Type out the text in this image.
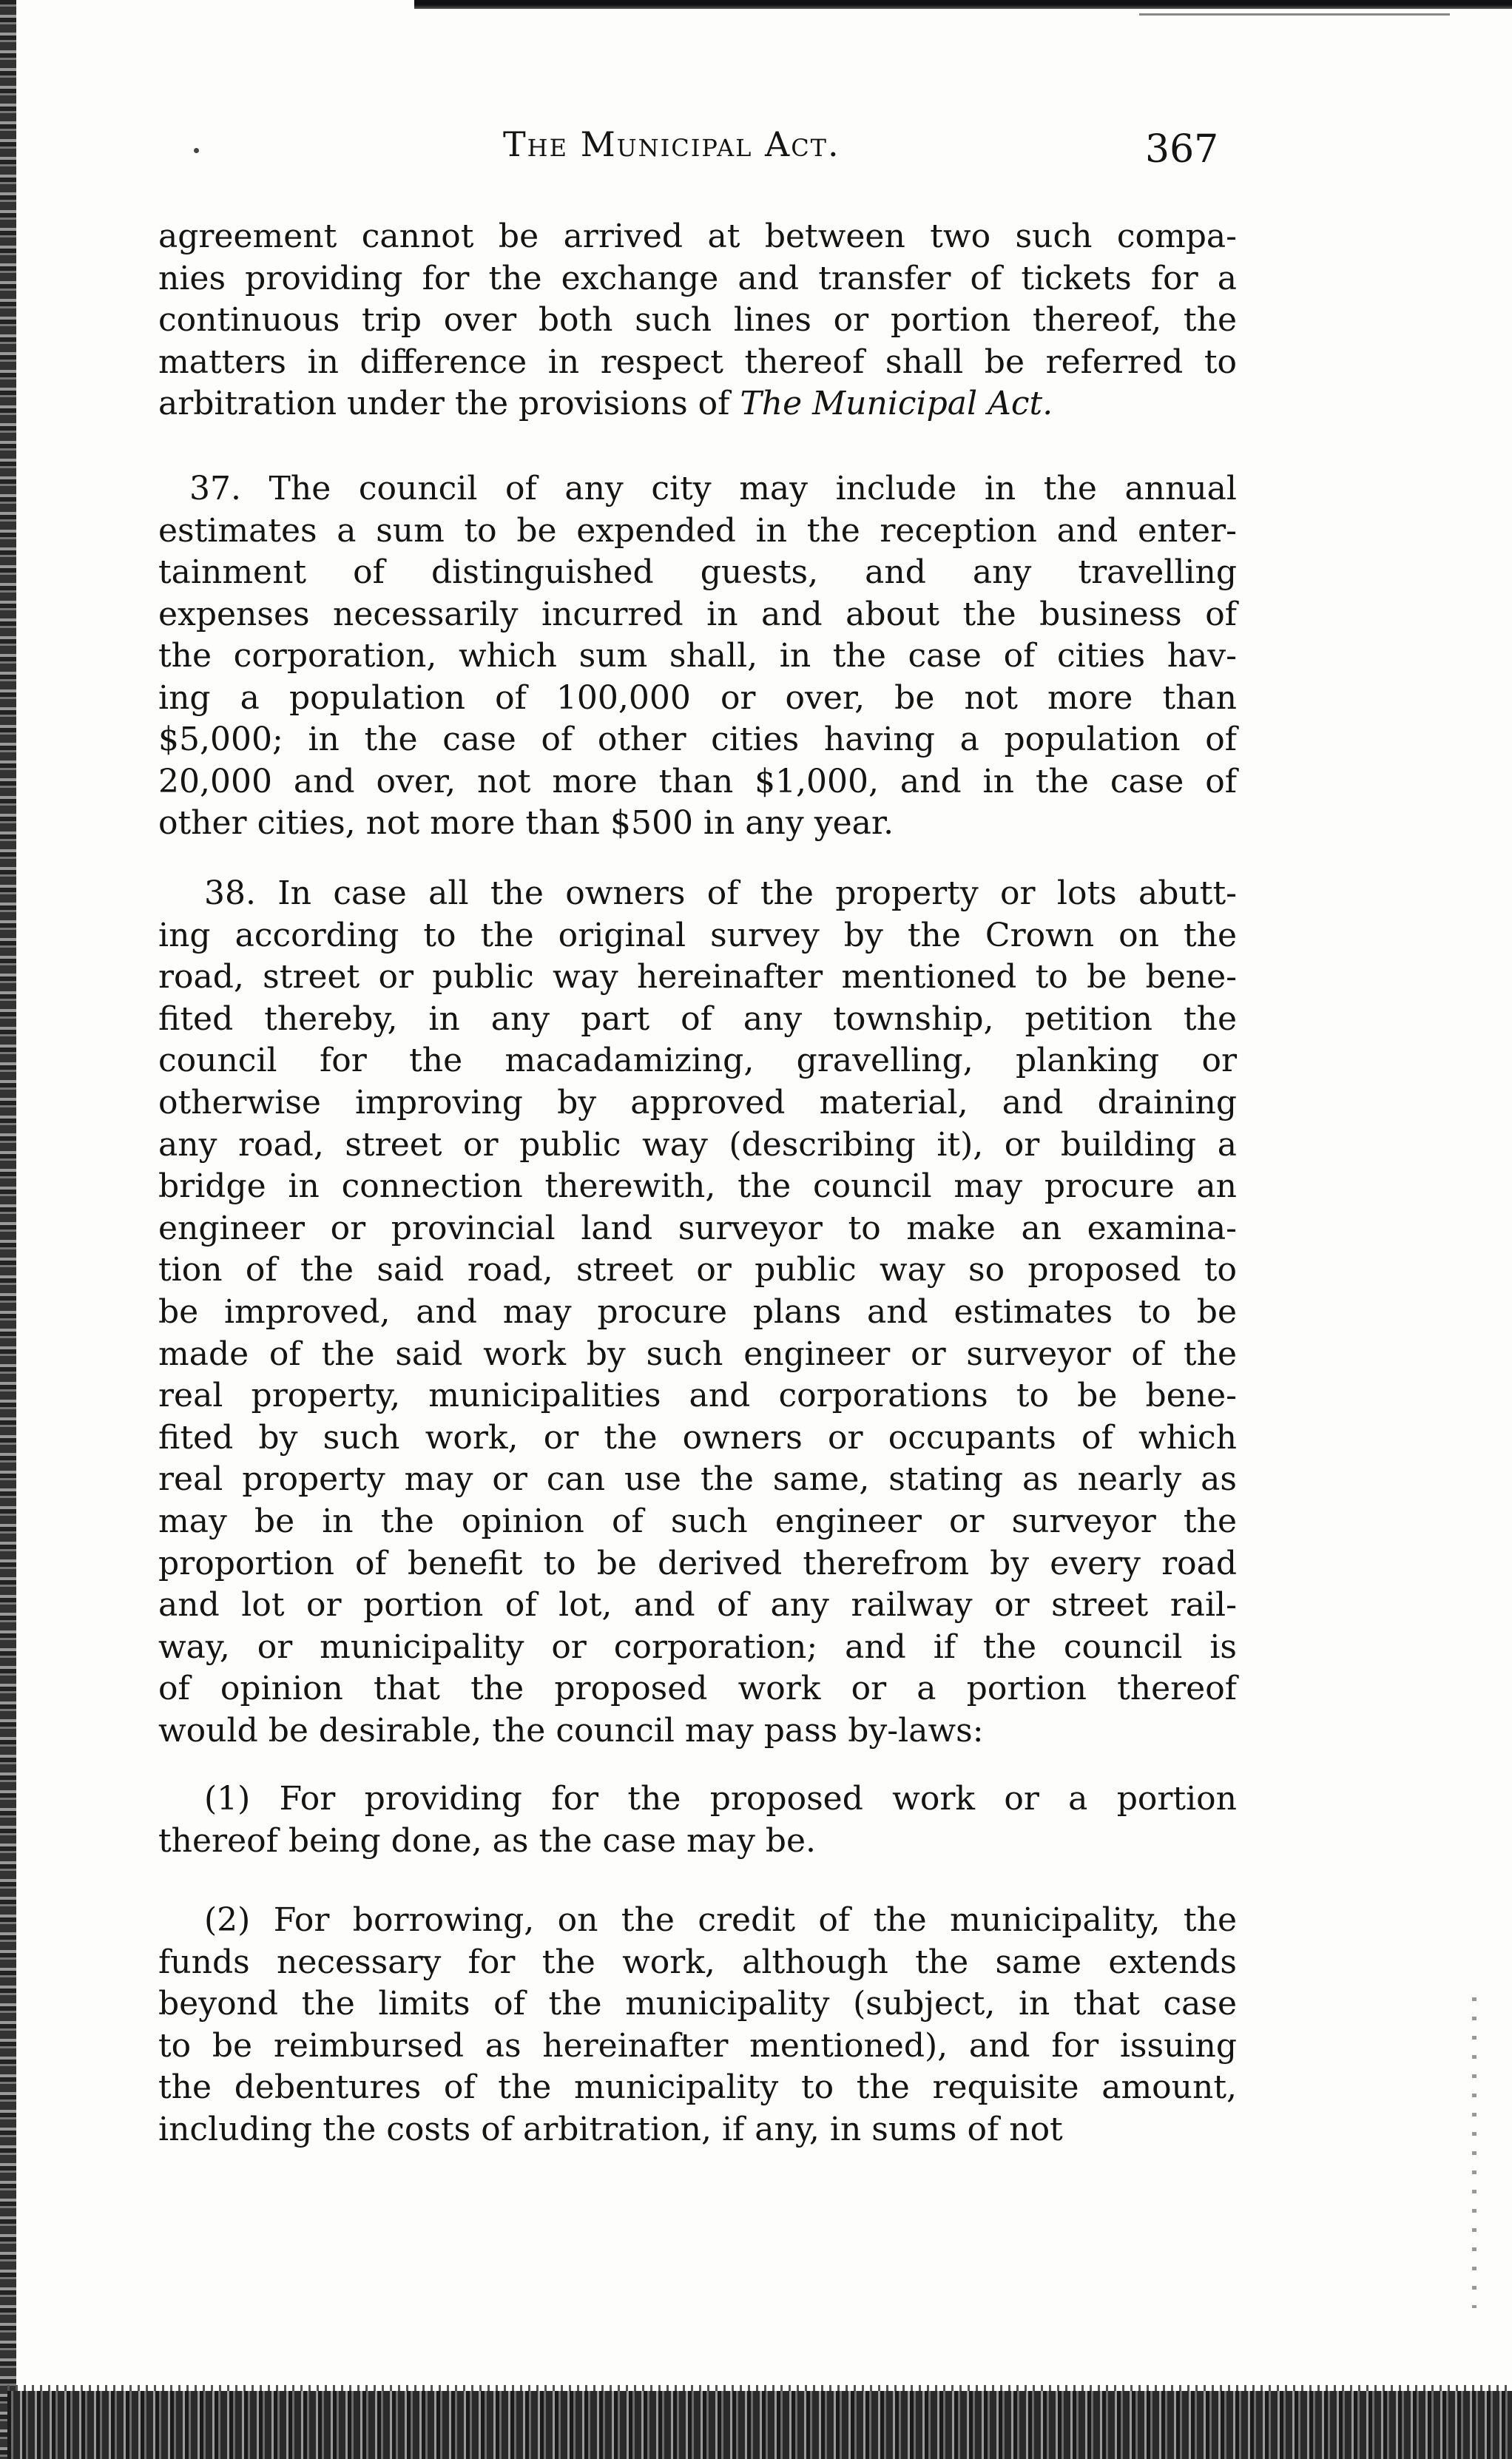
The Municipal Act.	367
agreement cannot be arrived at between two such compa-
nies providing for the exchange and transfer of tickets for a
continuous trip over both such lines or portion thereof, the
matters in difference in respect thereof shall be referred to
arbitration under the provisions of The Municipal Act.
37. The council of any city may include in the annual
estimates a sum to be expended in the reception and enter-
tainment of distinguished guests, and any travelling
expenses necessarily incurred in and about the business of
the corporation, which sum shall, in the case of cities hav-
ing a population of 100,000 or over, be not more than
$5,000; in the case of other cities having a population of
20,000 and over, not more than $1,000, and in the case of
other cities, not more than $500 in any year.
38. In case all the owners of the property or lots abutt-
ing according to the original survey by the Crown on the
road, street or public way hereinafter mentioned to be bene-
fited thereby, in any part of any township, petition the
council for the macadamizing, gravelling, planking or
otherwise improving by approved material, and draining
any road, street or public way (describing it), or building a
bridge in connection therewith, the council may procure an
engineer or provincial land surveyor to make an examina-
tion of the said road, street or public way so proposed to
be improved, and may procure plans and estimates to be
made of the said work by such engineer or surveyor of the
real property, municipalities and corporations to be bene-
fited by such work, or the owners or occupants of which
real property may or can use the same, stating as nearly as
may be in the opinion of such engineer or surveyor the
proportion of benefit to be derived therefrom by every road
and lot or portion of lot, and of any railway or street rail-
way, or municipality or corporation; and if the council is
of opinion that the proposed work or a portion thereof
would be desirable, the council may pass by-laws:
(1) For providing for the proposed work or a portion
thereof being done, as the case may be.
(2) For borrowing, on the credit of the municipality, the
funds necessary for the work, although the same extends
beyond the limits of the municipality (subject, in that case
to be reimbursed as hereinafter mentioned), and for issuing
the debentures of the municipality to the requisite amount,
including the costs of arbitration, if any, in sums of not
